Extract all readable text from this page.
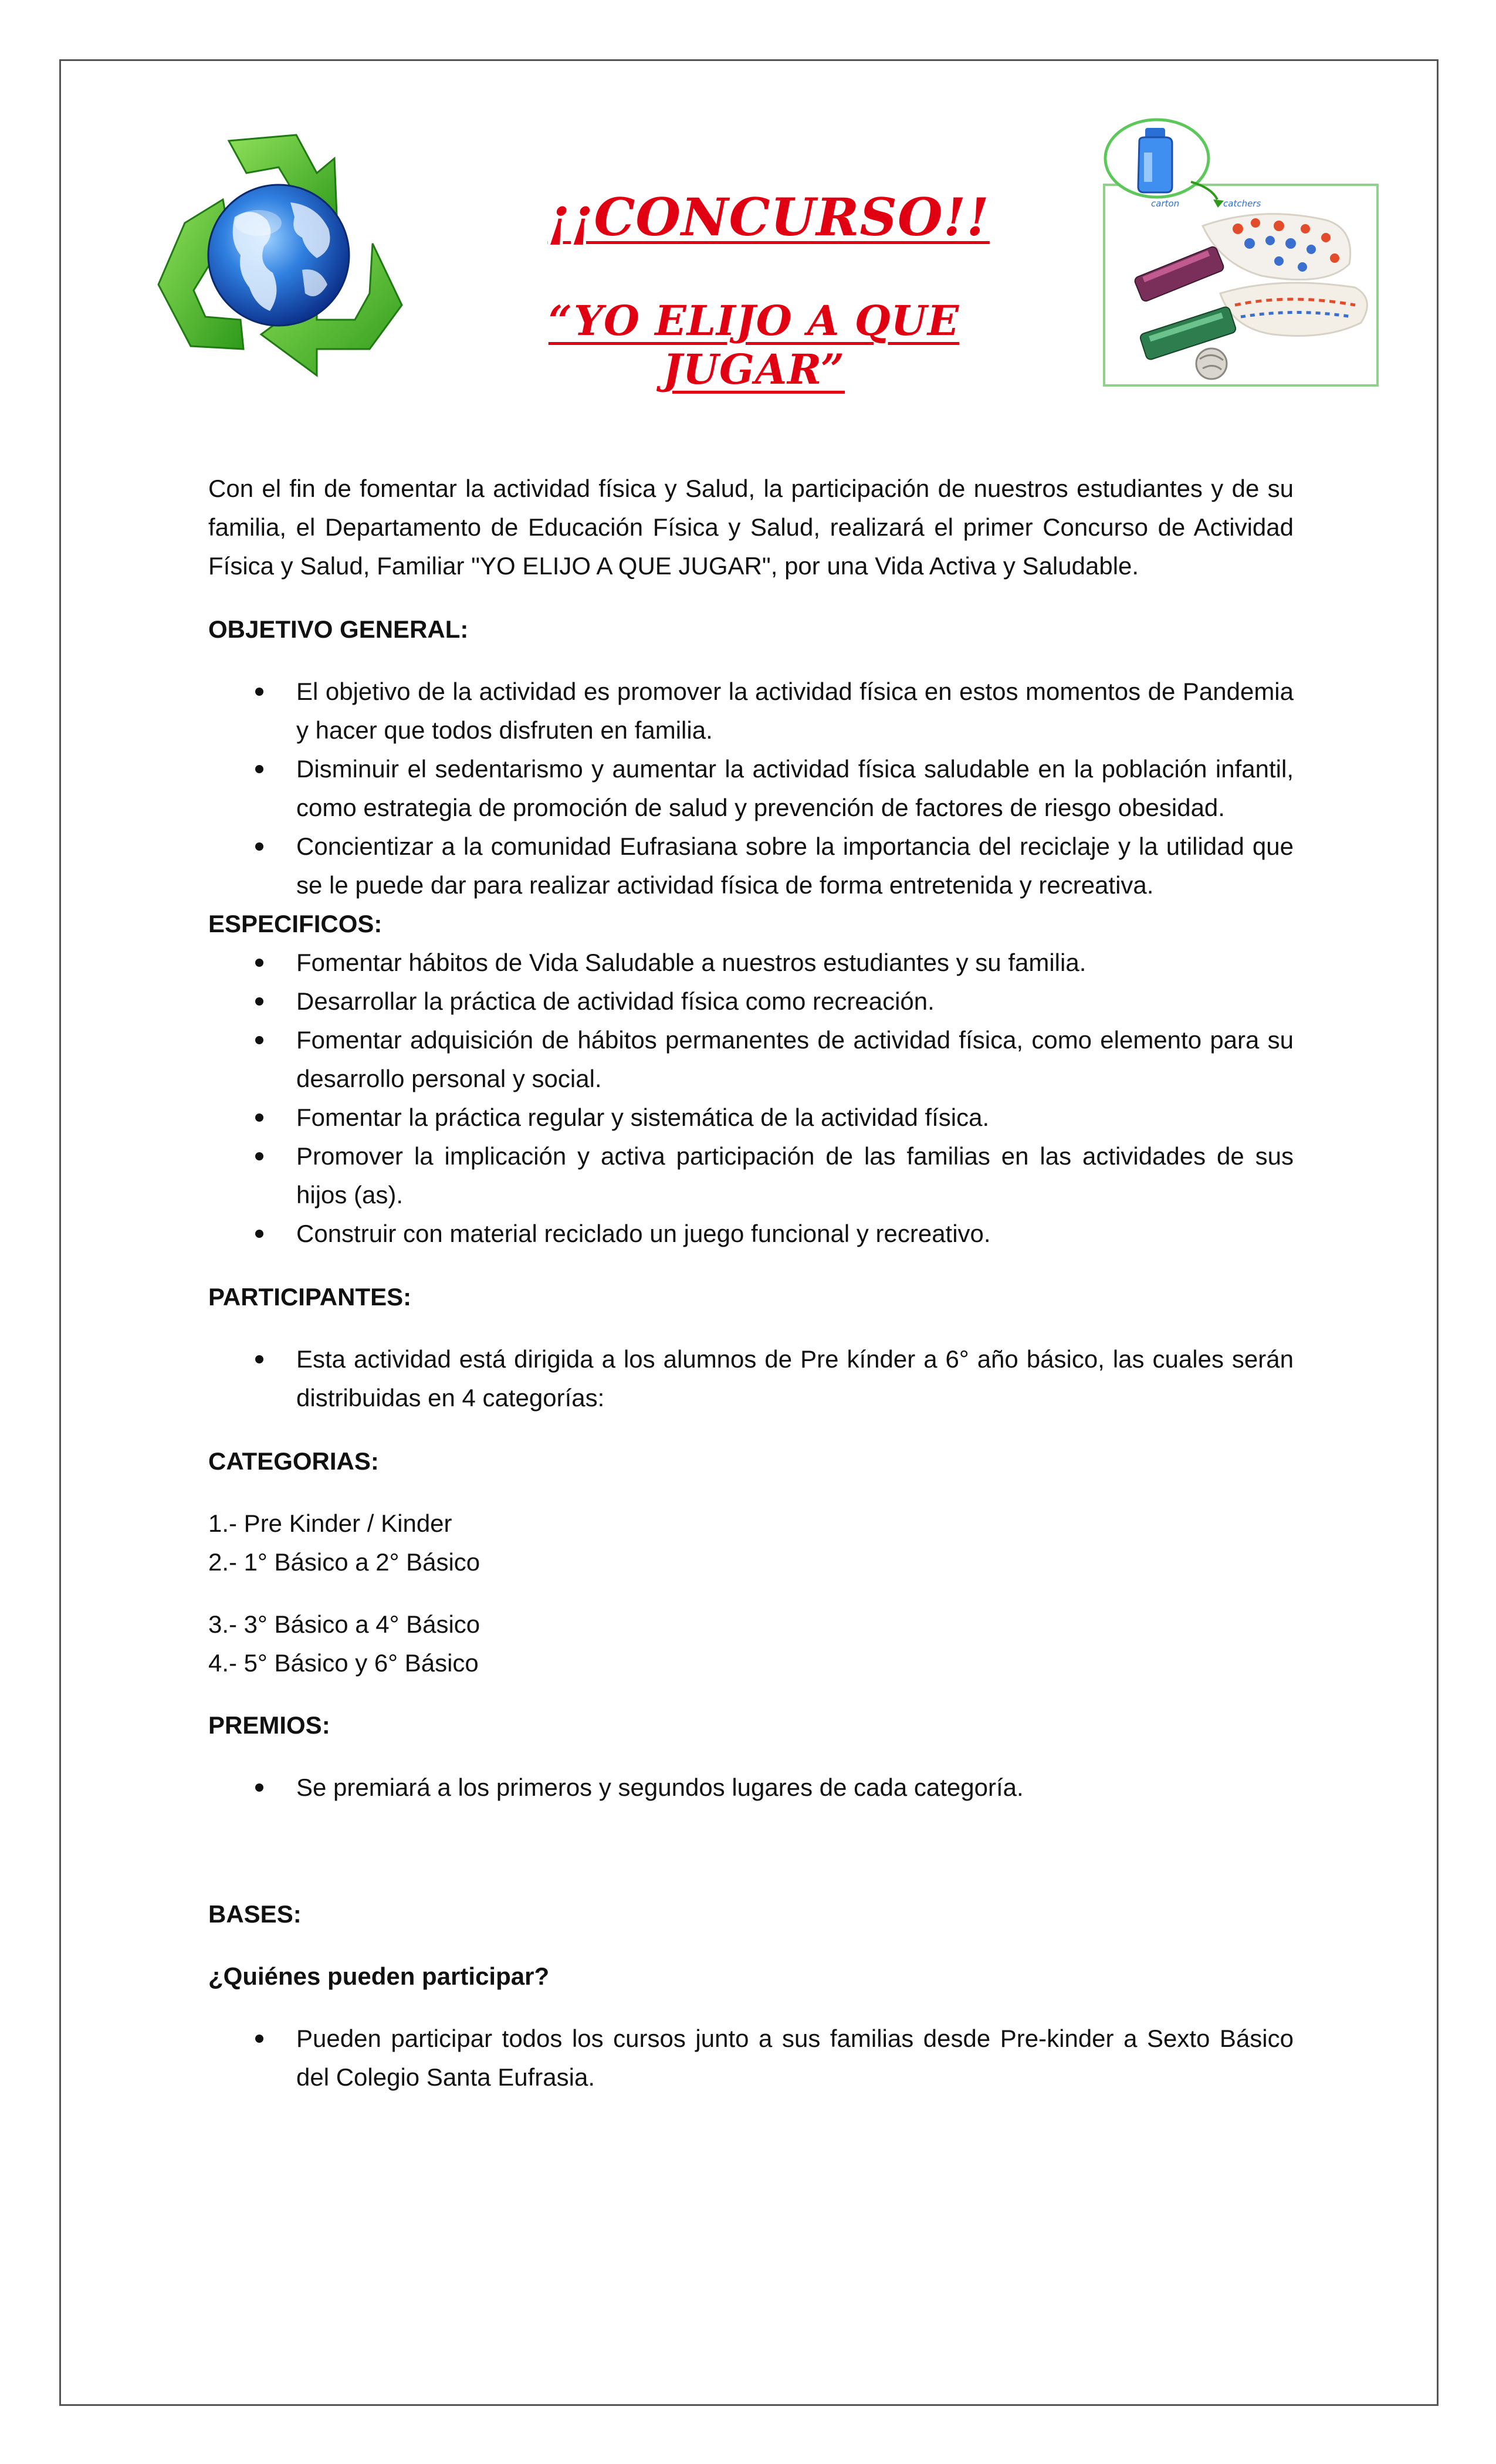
carton	catchers
¡¡CONCURSO!!
“YO ELIJO A QUE JUGAR”

Con el fin de fomentar la actividad física y Salud, la participación de nuestros estudiantes y de su familia, el Departamento de Educación Física y Salud, realizará el primer Concurso de Actividad Física y Salud, Familiar "YO ELIJO A QUE JUGAR", por una Vida Activa y Saludable.

OBJETIVO GENERAL:
El objetivo de la actividad es promover la actividad física en estos momentos de Pandemia y hacer que todos disfruten en familia.
Disminuir el sedentarismo y aumentar la actividad física saludable en la población infantil, como estrategia de promoción de salud y prevención de factores de riesgo obesidad.
Concientizar a la comunidad Eufrasiana sobre la importancia del reciclaje y la utilidad que se le puede dar para realizar actividad física de forma entretenida y recreativa.
ESPECIFICOS:
Fomentar hábitos de Vida Saludable a nuestros estudiantes y su familia.
Desarrollar la práctica de actividad física como recreación.
Fomentar adquisición de hábitos permanentes de actividad física, como elemento para su desarrollo personal y social.
Fomentar la práctica regular y sistemática de la actividad física.
Promover la implicación y activa participación de las familias en las actividades de sus hijos (as).
Construir con material reciclado un juego funcional y recreativo.
PARTICIPANTES:
Esta actividad está dirigida a los alumnos de Pre kínder a 6° año básico, las cuales serán distribuidas en 4 categorías:
CATEGORIAS:
1.- Pre Kinder / Kinder
2.- 1° Básico a 2° Básico
3.- 3° Básico a 4° Básico
4.- 5° Básico y 6° Básico
PREMIOS:
Se premiará a los primeros y segundos lugares de cada categoría.
BASES:
¿Quiénes pueden participar?
Pueden participar todos los cursos junto a sus familias desde Pre-kinder a Sexto Básico del Colegio Santa Eufrasia.
